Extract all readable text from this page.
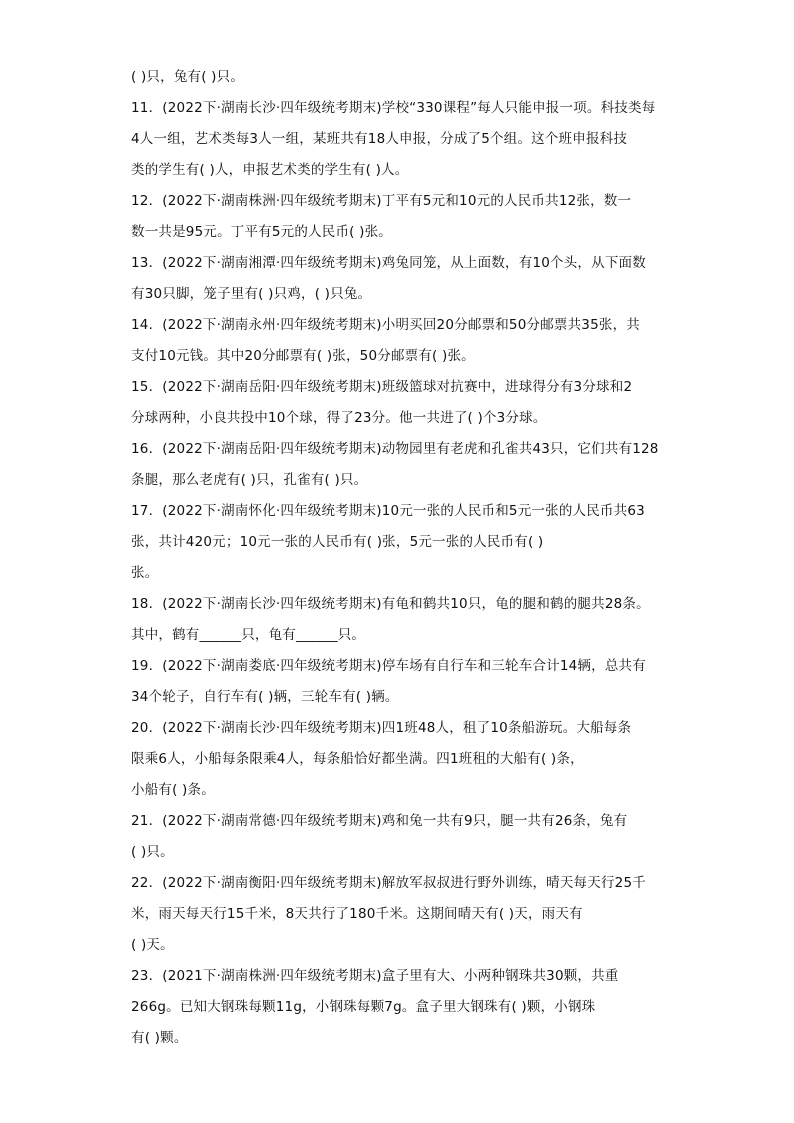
( )只，兔有( )只。
11．(2022下·湖南长沙·四年级统考期末)学校“330课程”每人只能申报一项。科技类每
4人一组，艺术类每3人一组，某班共有18人申报，分成了5个组。这个班申报科技
类的学生有( )人，申报艺术类的学生有( )人。
12．(2022下·湖南株洲·四年级统考期末)丁平有5元和10元的人民币共12张，数一
数一共是95元。丁平有5元的人民币( )张。
13．(2022下·湖南湘潭·四年级统考期末)鸡兔同笼，从上面数，有10个头，从下面数
有30只脚，笼子里有( )只鸡，( )只兔。
14．(2022下·湖南永州·四年级统考期末)小明买回20分邮票和50分邮票共35张，共
支付10元钱。其中20分邮票有( )张，50分邮票有( )张。
15．(2022下·湖南岳阳·四年级统考期末)班级篮球对抗赛中，进球得分有3分球和2
分球两种，小良共投中10个球，得了23分。他一共进了( )个3分球。
16．(2022下·湖南岳阳·四年级统考期末)动物园里有老虎和孔雀共43只，它们共有128
条腿，那么老虎有( )只，孔雀有( )只。
17．(2022下·湖南怀化·四年级统考期末)10元一张的人民币和5元一张的人民币共63
张，共计420元；10元一张的人民币有( )张，5元一张的人民币有( )
张。
18．(2022下·湖南长沙·四年级统考期末)有龟和鹤共10只，龟的腿和鹤的腿共28条。
其中，鹤有______只，龟有______只。
19．(2022下·湖南娄底·四年级统考期末)停车场有自行车和三轮车合计14辆，总共有
34个轮子，自行车有( )辆，三轮车有( )辆。
20．(2022下·湖南长沙·四年级统考期末)四1班48人，租了10条船游玩。大船每条
限乘6人，小船每条限乘4人，每条船恰好都坐满。四1班租的大船有( )条，
小船有( )条。
21．(2022下·湖南常德·四年级统考期末)鸡和兔一共有9只，腿一共有26条，兔有
( )只。
22．(2022下·湖南衡阳·四年级统考期末)解放军叔叔进行野外训练，晴天每天行25千
米，雨天每天行15千米，8天共行了180千米。这期间晴天有( )天，雨天有
( )天。
23．(2021下·湖南株洲·四年级统考期末)盒子里有大、小两种钢珠共30颗，共重
266g。已知大钢珠每颗11g，小钢珠每颗7g。盒子里大钢珠有( )颗，小钢珠
有( )颗。
